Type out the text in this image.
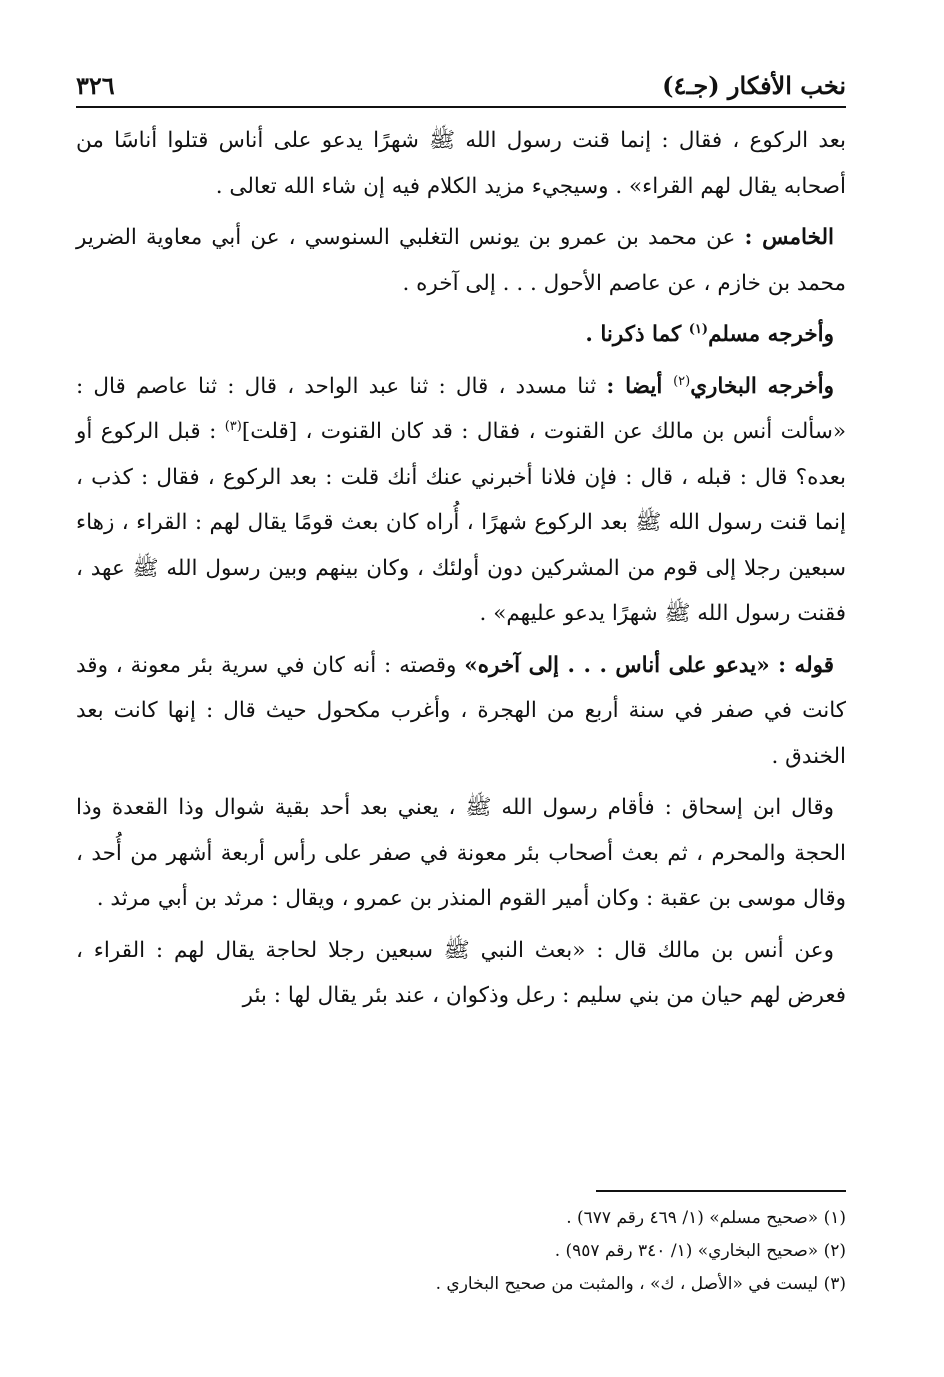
نخب الأفكار (جـ٤)
٣٢٦

بعد الركوع ، فقال : إنما قنت رسول الله ﷺ شهرًا يدعو على أناس قتلوا أناسًا من أصحابه يقال لهم القراء» . وسيجيء مزيد الكلام فيه إن شاء الله تعالى .

الخامس : عن محمد بن عمرو بن يونس التغلبي السنوسي ، عن أبي معاوية الضرير محمد بن خازم ، عن عاصم الأحول . . . إلى آخره .

وأخرجه مسلم$^{(١)}$ كما ذكرنا .

وأخرجه البخاري$^{(٢)}$ أيضا : ثنا مسدد ، قال : ثنا عبد الواحد ، قال : ثنا عاصم قال : «سألت أنس بن مالك عن القنوت ، فقال : قد كان القنوت ، [قلت]$^{(٣)}$ : قبل الركوع أو بعده؟ قال : قبله ، قال : فإن فلانا أخبرني عنك أنك قلت : بعد الركوع ، فقال : كذب ، إنما قنت رسول الله ﷺ بعد الركوع شهرًا ، أُراه كان بعث قومًا يقال لهم : القراء ، زهاء سبعين رجلا إلى قوم من المشركين دون أولئك ، وكان بينهم وبين رسول الله ﷺ عهد ، فقنت رسول الله ﷺ شهرًا يدعو عليهم» .

قوله : «يدعو على أناس . . . إلى آخره» وقصته : أنه كان في سرية بئر معونة ، وقد كانت في صفر في سنة أربع من الهجرة ، وأغرب مكحول حيث قال : إنها كانت بعد الخندق .

وقال ابن إسحاق : فأقام رسول الله ﷺ ، يعني بعد أحد بقية شوال وذا القعدة وذا الحجة والمحرم ، ثم بعث أصحاب بئر معونة في صفر على رأس أربعة أشهر من أُحد ، وقال موسى بن عقبة : وكان أمير القوم المنذر بن عمرو ، ويقال : مرثد بن أبي مرثد .

وعن أنس بن مالك قال : «بعث النبي ﷺ سبعين رجلا لحاجة يقال لهم : القراء ، فعرض لهم حيان من بني سليم : رعل وذكوان ، عند بئر يقال لها : بئر

(١) «صحيح مسلم» (١/ ٤٦٩ رقم ٦٧٧) .
(٢) «صحيح البخاري» (١/ ٣٤٠ رقم ٩٥٧) .
(٣) ليست في «الأصل ، ك» ، والمثبت من صحيح البخاري .
